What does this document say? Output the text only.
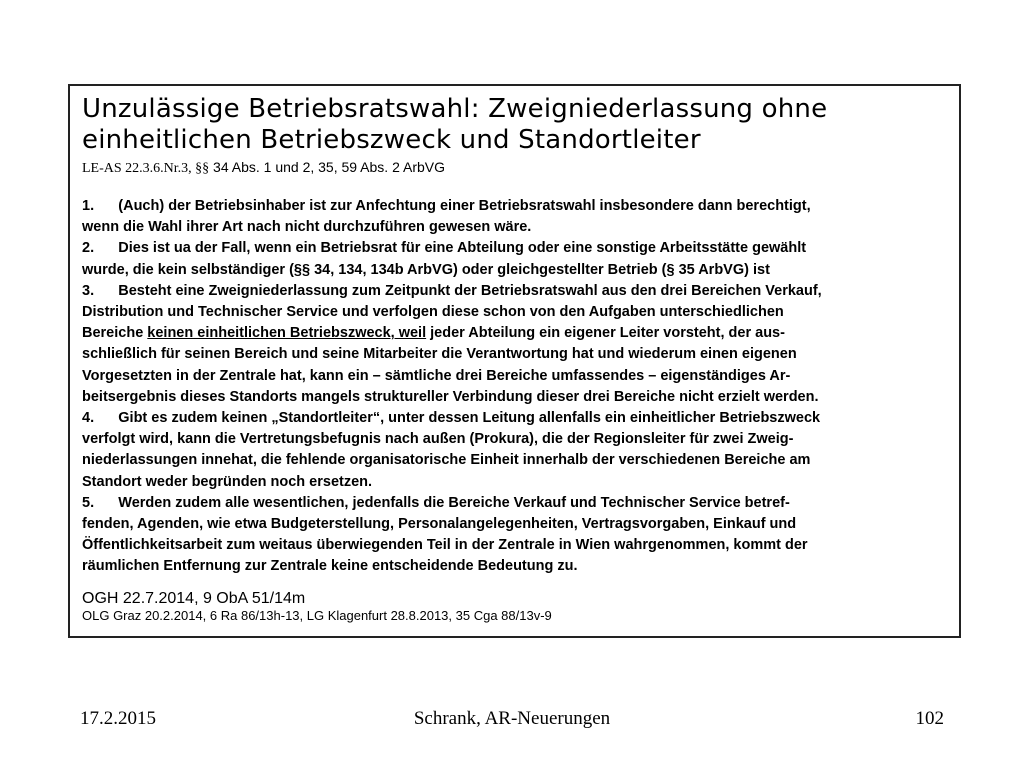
Unzulässige Betriebsratswahl: Zweigniederlassung ohne
einheitlichen Betriebszweck und Standortleiter
LE-AS 22.3.6.Nr.3, §§ 34 Abs. 1 und 2, 35, 59 Abs. 2 ArbVG
1.      (Auch) der Betriebsinhaber ist zur Anfechtung einer Betriebsratswahl insbesondere dann berechtigt,
wenn die Wahl ihrer Art nach nicht durchzuführen gewesen wäre.
2.      Dies ist ua der Fall, wenn ein Betriebsrat für eine Abteilung oder eine sonstige Arbeitsstätte gewählt
wurde, die kein selbständiger (§§ 34, 134, 134b ArbVG) oder gleichgestellter Betrieb (§ 35 ArbVG) ist
3.      Besteht eine Zweigniederlassung zum Zeitpunkt der Betriebsratswahl aus den drei Bereichen Verkauf,
Distribution und Technischer Service und verfolgen diese schon von den Aufgaben unterschiedlichen
Bereiche keinen einheitlichen Betriebszweck, weil jeder Abteilung ein eigener Leiter vorsteht, der aus-
schließlich für seinen Bereich und seine Mitarbeiter die Verantwortung hat und wiederum einen eigenen
Vorgesetzten in der Zentrale hat, kann ein – sämtliche drei Bereiche umfassendes – eigenständiges Ar-
beitsergebnis dieses Standorts mangels struktureller Verbindung dieser drei Bereiche nicht erzielt werden.
4.      Gibt es zudem keinen „Standortleiter“, unter dessen Leitung allenfalls ein einheitlicher Betriebszweck
verfolgt wird, kann die Vertretungsbefugnis nach außen (Prokura), die der Regionsleiter für zwei Zweig-
niederlassungen innehat, die fehlende organisatorische Einheit innerhalb der verschiedenen Bereiche am
Standort weder begründen noch ersetzen.
5.      Werden zudem alle wesentlichen, jedenfalls die Bereiche Verkauf und Technischer Service betref-
fenden, Agenden, wie etwa Budgeterstellung, Personalangelegenheiten, Vertragsvorgaben, Einkauf und
Öffentlichkeitsarbeit zum weitaus überwiegenden Teil in der Zentrale in Wien wahrgenommen, kommt der
räumlichen Entfernung zur Zentrale keine entscheidende Bedeutung zu.
OGH 22.7.2014, 9 ObA 51/14m
OLG Graz 20.2.2014, 6 Ra 86/13h-13, LG Klagenfurt 28.8.2013, 35 Cga 88/13v-9
17.2.2015	Schrank, AR-Neuerungen	102
